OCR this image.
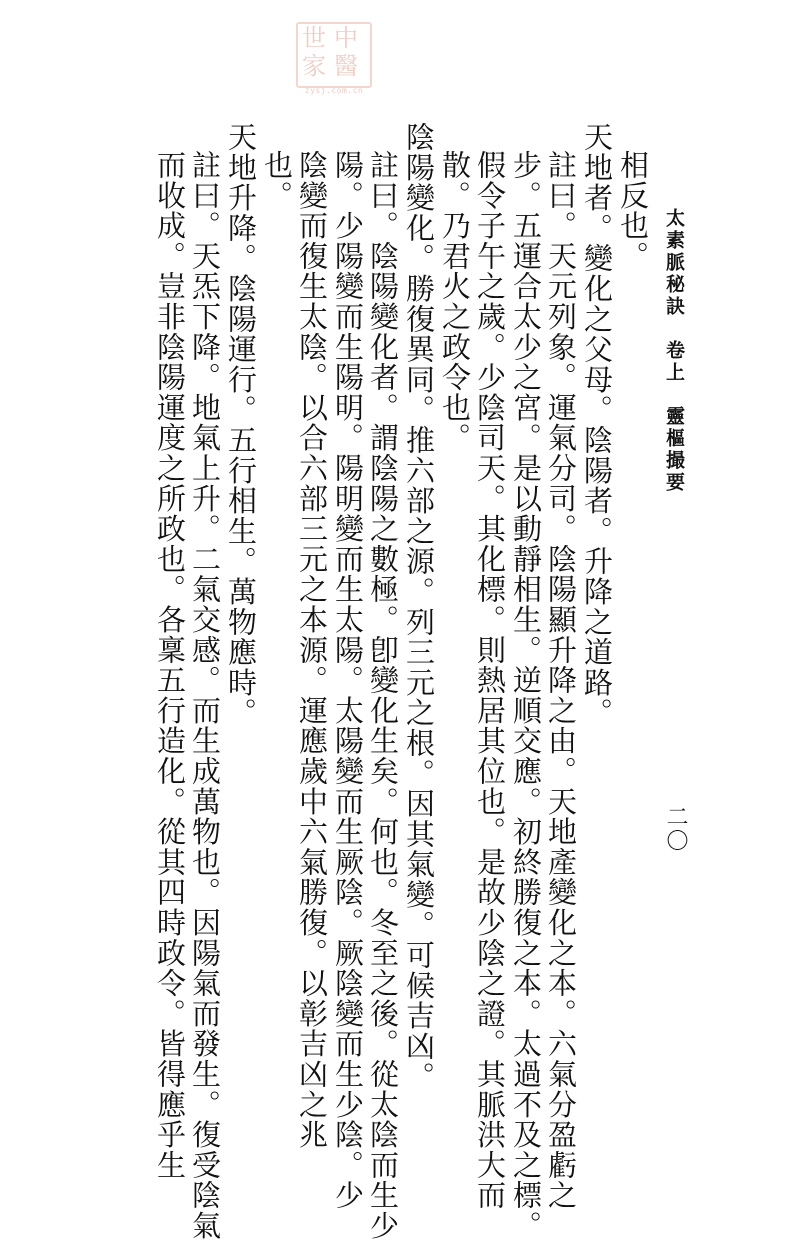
中
醫
世
家
zysj.com.cn
太素脈秘訣卷上靈樞撮要
二〇
相反也。
天地者。變化之父母。陰陽者。升降之道路。
註曰。天元列象。運氣分司。陰陽顯升降之由。天地產變化之本。六氣分盈虧之
步。五運合太少之宮。是以動靜相生。逆順交應。初終勝復之本。太過不及之標。
假令子午之歲。少陰司天。其化標。則熱居其位也。是故少陰之證。其脈洪大而
散。乃君火之政令也。
陰陽變化。勝復異同。推六部之源。列三元之根。因其氣變。可候吉凶。
註曰。陰陽變化者。謂陰陽之數極。卽變化生矣。何也。冬至之後。從太陰而生少
陽。少陽變而生陽明。陽明變而生太陽。太陽變而生厥陰。厥陰變而生少陰。少
陰變而復生太陰。以合六部三元之本源。運應歲中六氣勝復。以彰吉凶之兆
也。
天地升降。陰陽運行。五行相生。萬物應時。
註曰。天炁下降。地氣上升。二氣交感。而生成萬物也。因陽氣而發生。復受陰氣
而收成。豈非陰陽運度之所政也。各稟五行造化。從其四時政令。皆得應乎生
